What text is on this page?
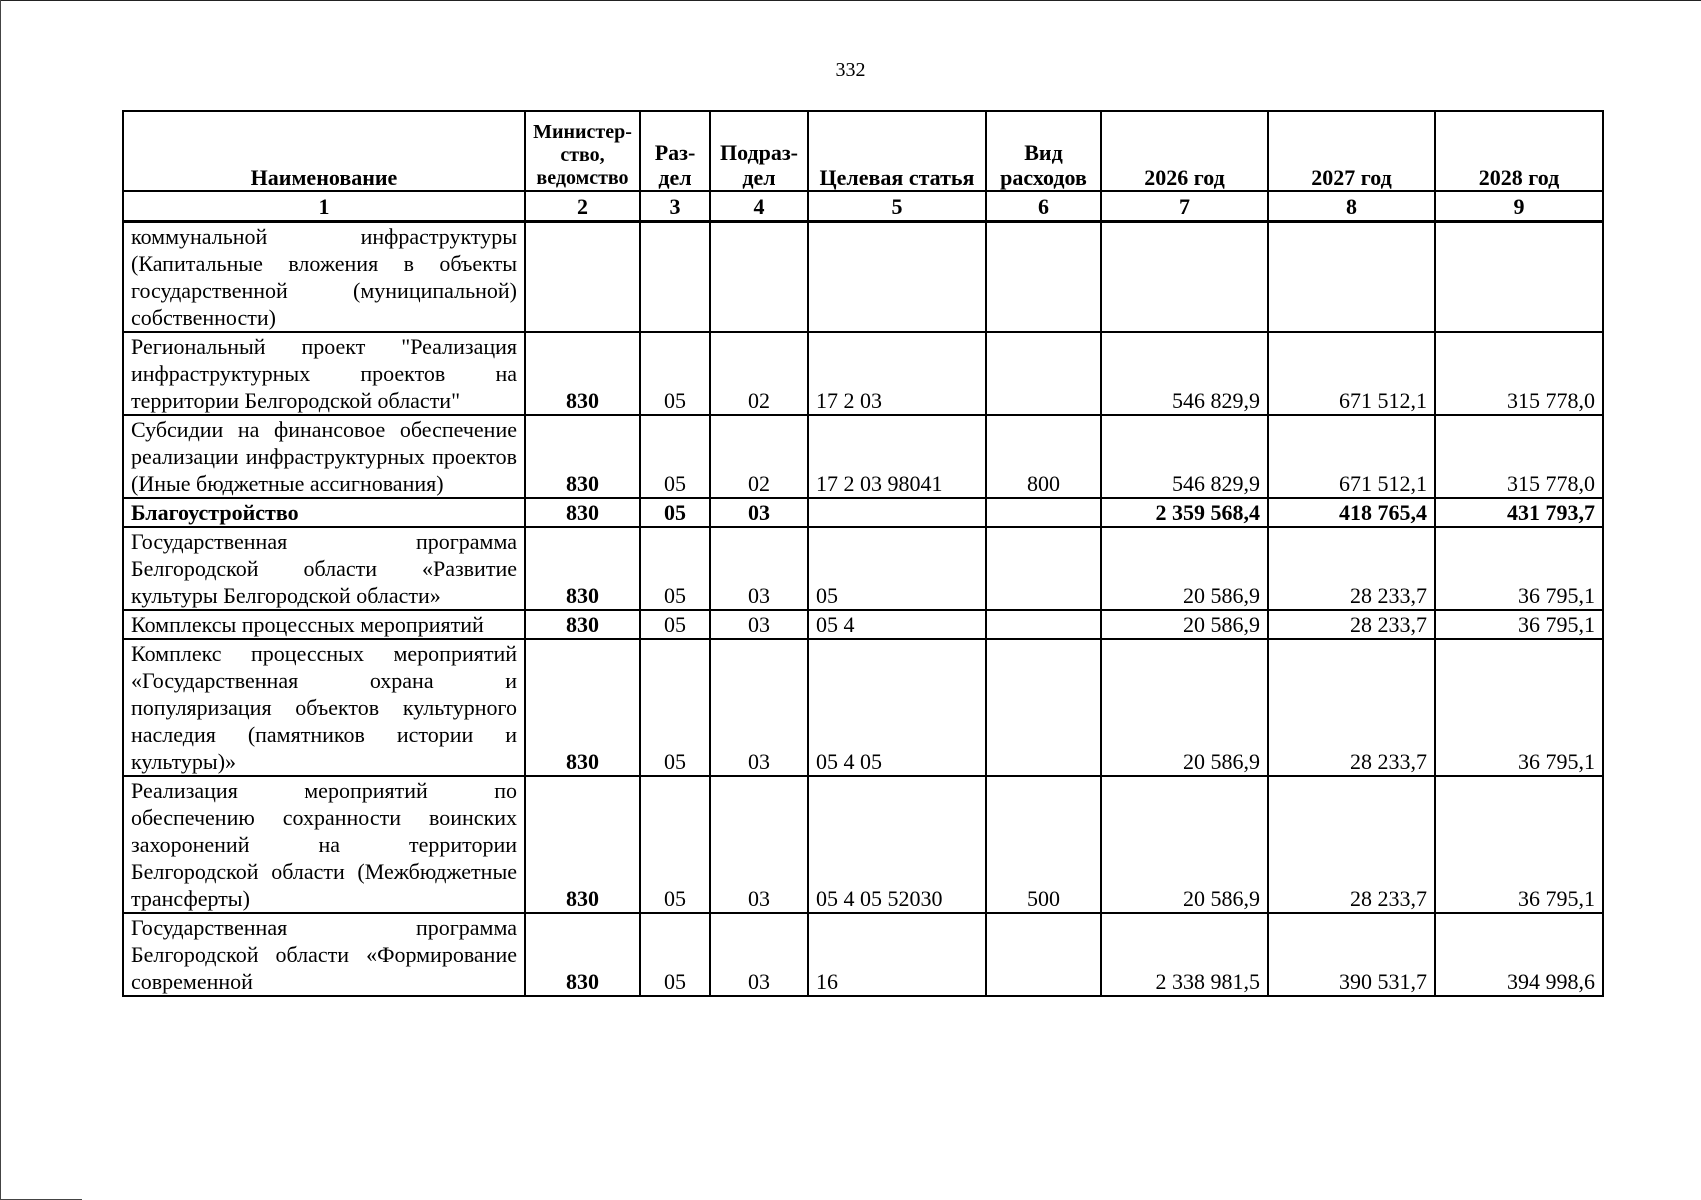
332
Наименование	Министер-ство, ведомство	Раз-дел	Подраз-дел	Целевая статья	Вид расходов	2026 год	2027 год	2028 год
1	2	3	4	5	6	7	8	9
коммунальной инфраструктуры (Капитальные вложения в объекты государственной (муниципальной) собственности)								
Региональный проект "Реализация инфраструктурных проектов на территории Белгородской области"	830	05	02	17 2 03		546 829,9	671 512,1	315 778,0
Субсидии на финансовое обеспечение реализации инфраструктурных проектов (Иные бюджетные ассигнования)	830	05	02	17 2 03 98041	800	546 829,9	671 512,1	315 778,0
Благоустройство	830	05	03			2 359 568,4	418 765,4	431 793,7
Государственная программа Белгородской области «Развитие культуры Белгородской области»	830	05	03	05		20 586,9	28 233,7	36 795,1
Комплексы процессных мероприятий	830	05	03	05 4		20 586,9	28 233,7	36 795,1
Комплекс процессных мероприятий «Государственная охрана и популяризация объектов культурного наследия (памятников истории и культуры)»	830	05	03	05 4 05		20 586,9	28 233,7	36 795,1
Реализация мероприятий по обеспечению сохранности воинских захоронений на территории Белгородской области (Межбюджетные трансферты)	830	05	03	05 4 05 52030	500	20 586,9	28 233,7	36 795,1
Государственная программа Белгородской области «Формирование современной	830	05	03	16		2 338 981,5	390 531,7	394 998,6
